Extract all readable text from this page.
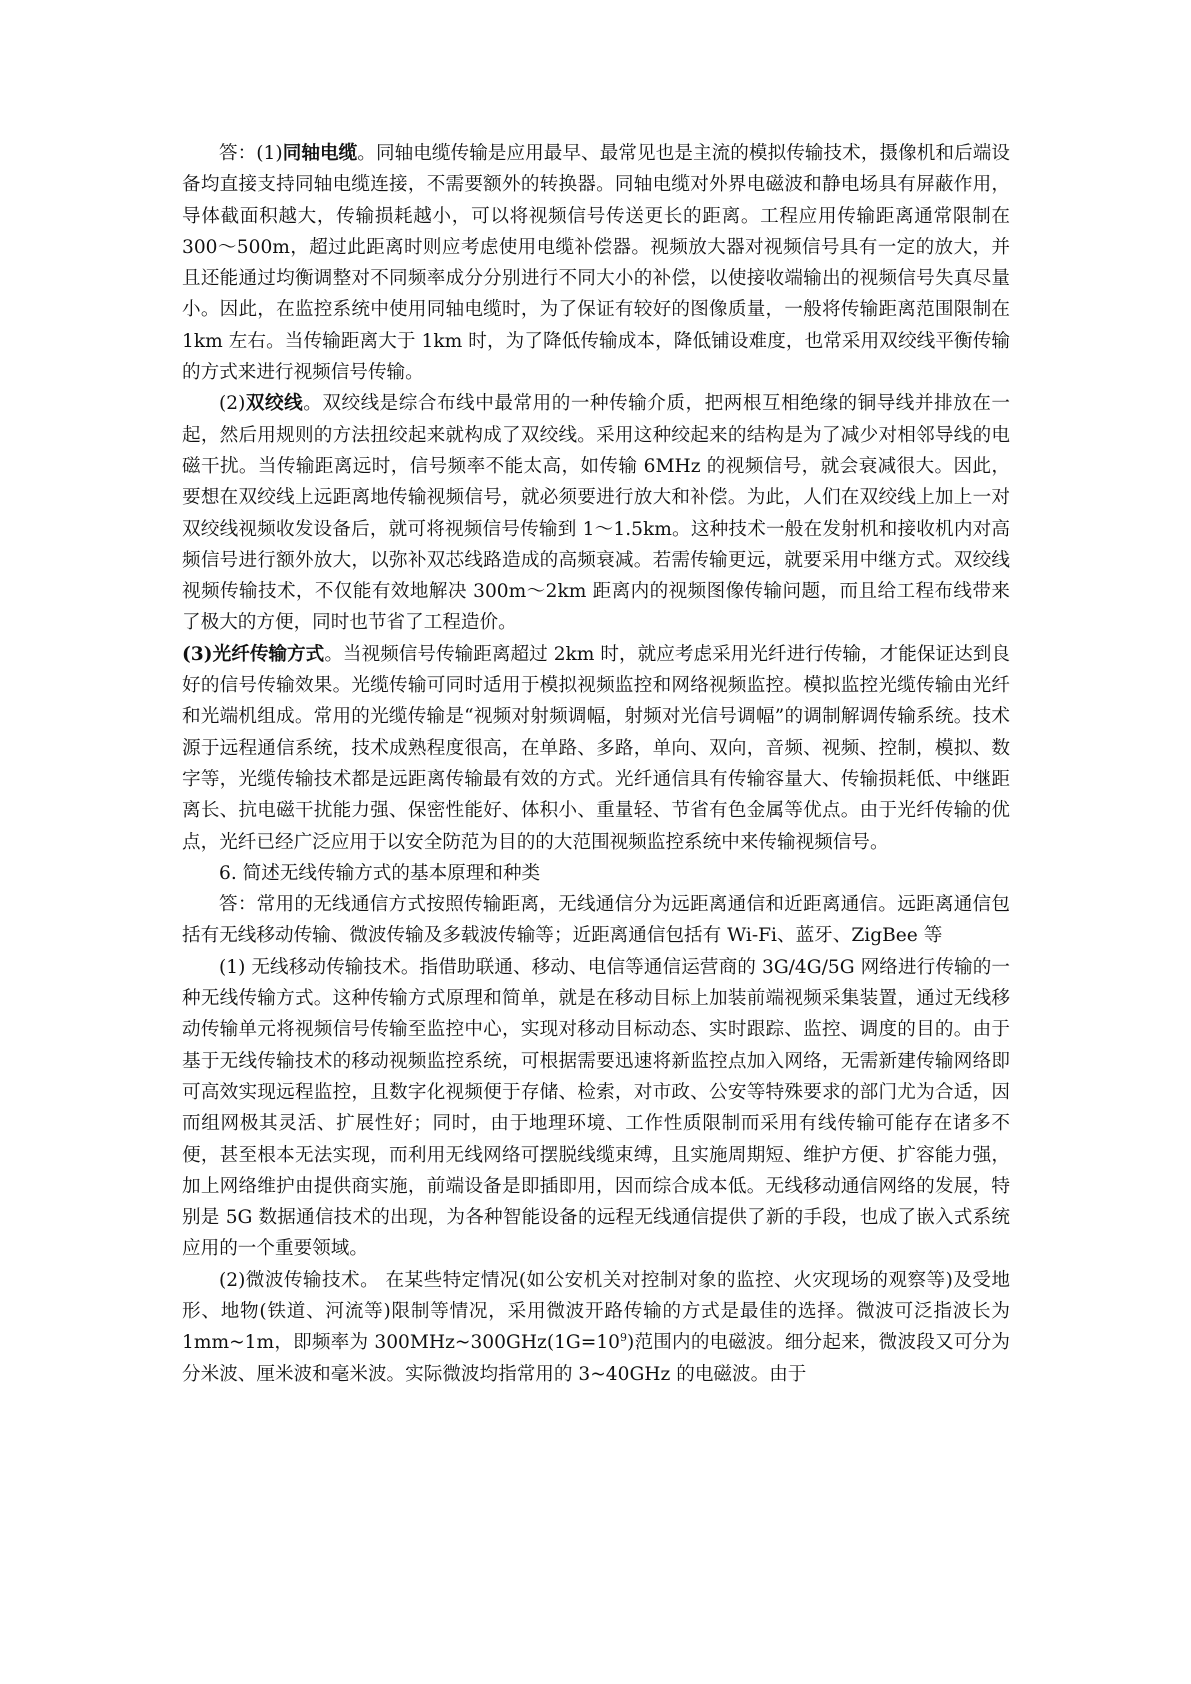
答：(1)同轴电缆。同轴电缆传输是应用最早、最常见也是主流的模拟传输技术，摄像机和后端设备均直接支持同轴电缆连接，不需要额外的转换器。同轴电缆对外界电磁波和静电场具有屏蔽作用，导体截面积越大，传输损耗越小，可以将视频信号传送更长的距离。工程应用传输距离通常限制在 300～500m，超过此距离时则应考虑使用电缆补偿器。视频放大器对视频信号具有一定的放大，并且还能通过均衡调整对不同频率成分分别进行不同大小的补偿，以使接收端输出的视频信号失真尽量小。因此，在监控系统中使用同轴电缆时，为了保证有较好的图像质量，一般将传输距离范围限制在 1km 左右。当传输距离大于 1km 时，为了降低传输成本，降低铺设难度，也常采用双绞线平衡传输的方式来进行视频信号传输。

(2)双绞线。双绞线是综合布线中最常用的一种传输介质，把两根互相绝缘的铜导线并排放在一起，然后用规则的方法扭绞起来就构成了双绞线。采用这种绞起来的结构是为了减少对相邻导线的电磁干扰。当传输距离远时，信号频率不能太高，如传输 6MHz 的视频信号，就会衰减很大。因此，要想在双绞线上远距离地传输视频信号，就必须要进行放大和补偿。为此，人们在双绞线上加上一对双绞线视频收发设备后，就可将视频信号传输到 1～1.5km。这种技术一般在发射机和接收机内对高频信号进行额外放大，以弥补双芯线路造成的高频衰减。若需传输更远，就要采用中继方式。双绞线视频传输技术，不仅能有效地解决 300m～2km 距离内的视频图像传输问题，而且给工程布线带来了极大的方便，同时也节省了工程造价。

(3)光纤传输方式。当视频信号传输距离超过 2km 时，就应考虑采用光纤进行传输，才能保证达到良好的信号传输效果。光缆传输可同时适用于模拟视频监控和网络视频监控。模拟监控光缆传输由光纤和光端机组成。常用的光缆传输是“视频对射频调幅，射频对光信号调幅”的调制解调传输系统。技术源于远程通信系统，技术成熟程度很高，在单路、多路，单向、双向，音频、视频、控制，模拟、数字等，光缆传输技术都是远距离传输最有效的方式。光纤通信具有传输容量大、传输损耗低、中继距离长、抗电磁干扰能力强、保密性能好、体积小、重量轻、节省有色金属等优点。由于光纤传输的优点，光纤已经广泛应用于以安全防范为目的的大范围视频监控系统中来传输视频信号。

6. 简述无线传输方式的基本原理和种类

答：常用的无线通信方式按照传输距离，无线通信分为远距离通信和近距离通信。远距离通信包括有无线移动传输、微波传输及多载波传输等；近距离通信包括有 Wi-Fi、蓝牙、ZigBee 等

(1) 无线移动传输技术。指借助联通、移动、电信等通信运营商的 3G/4G/5G 网络进行传输的一种无线传输方式。这种传输方式原理和简单，就是在移动目标上加装前端视频采集装置，通过无线移动传输单元将视频信号传输至监控中心，实现对移动目标动态、实时跟踪、监控、调度的目的。由于基于无线传输技术的移动视频监控系统，可根据需要迅速将新监控点加入网络，无需新建传输网络即可高效实现远程监控，且数字化视频便于存储、检索，对市政、公安等特殊要求的部门尤为合适，因而组网极其灵活、扩展性好；同时，由于地理环境、工作性质限制而采用有线传输可能存在诸多不便，甚至根本无法实现，而利用无线网络可摆脱线缆束缚，且实施周期短、维护方便、扩容能力强，加上网络维护由提供商实施，前端设备是即插即用，因而综合成本低。无线移动通信网络的发展，特别是 5G 数据通信技术的出现，为各种智能设备的远程无线通信提供了新的手段，也成了嵌入式系统应用的一个重要领域。

(2)微波传输技术。 在某些特定情况(如公安机关对控制对象的监控、火灾现场的观察等)及受地形、地物(铁道、河流等)限制等情况，采用微波开路传输的方式是最佳的选择。微波可泛指波长为 1mm~1m，即频率为 $300MHz\sim 300GHz(1G=10^9)$范围内的电磁波。细分起来，微波段又可分为分米波、厘米波和毫米波。实际微波均指常用的 3~40GHz 的电磁波。由于
